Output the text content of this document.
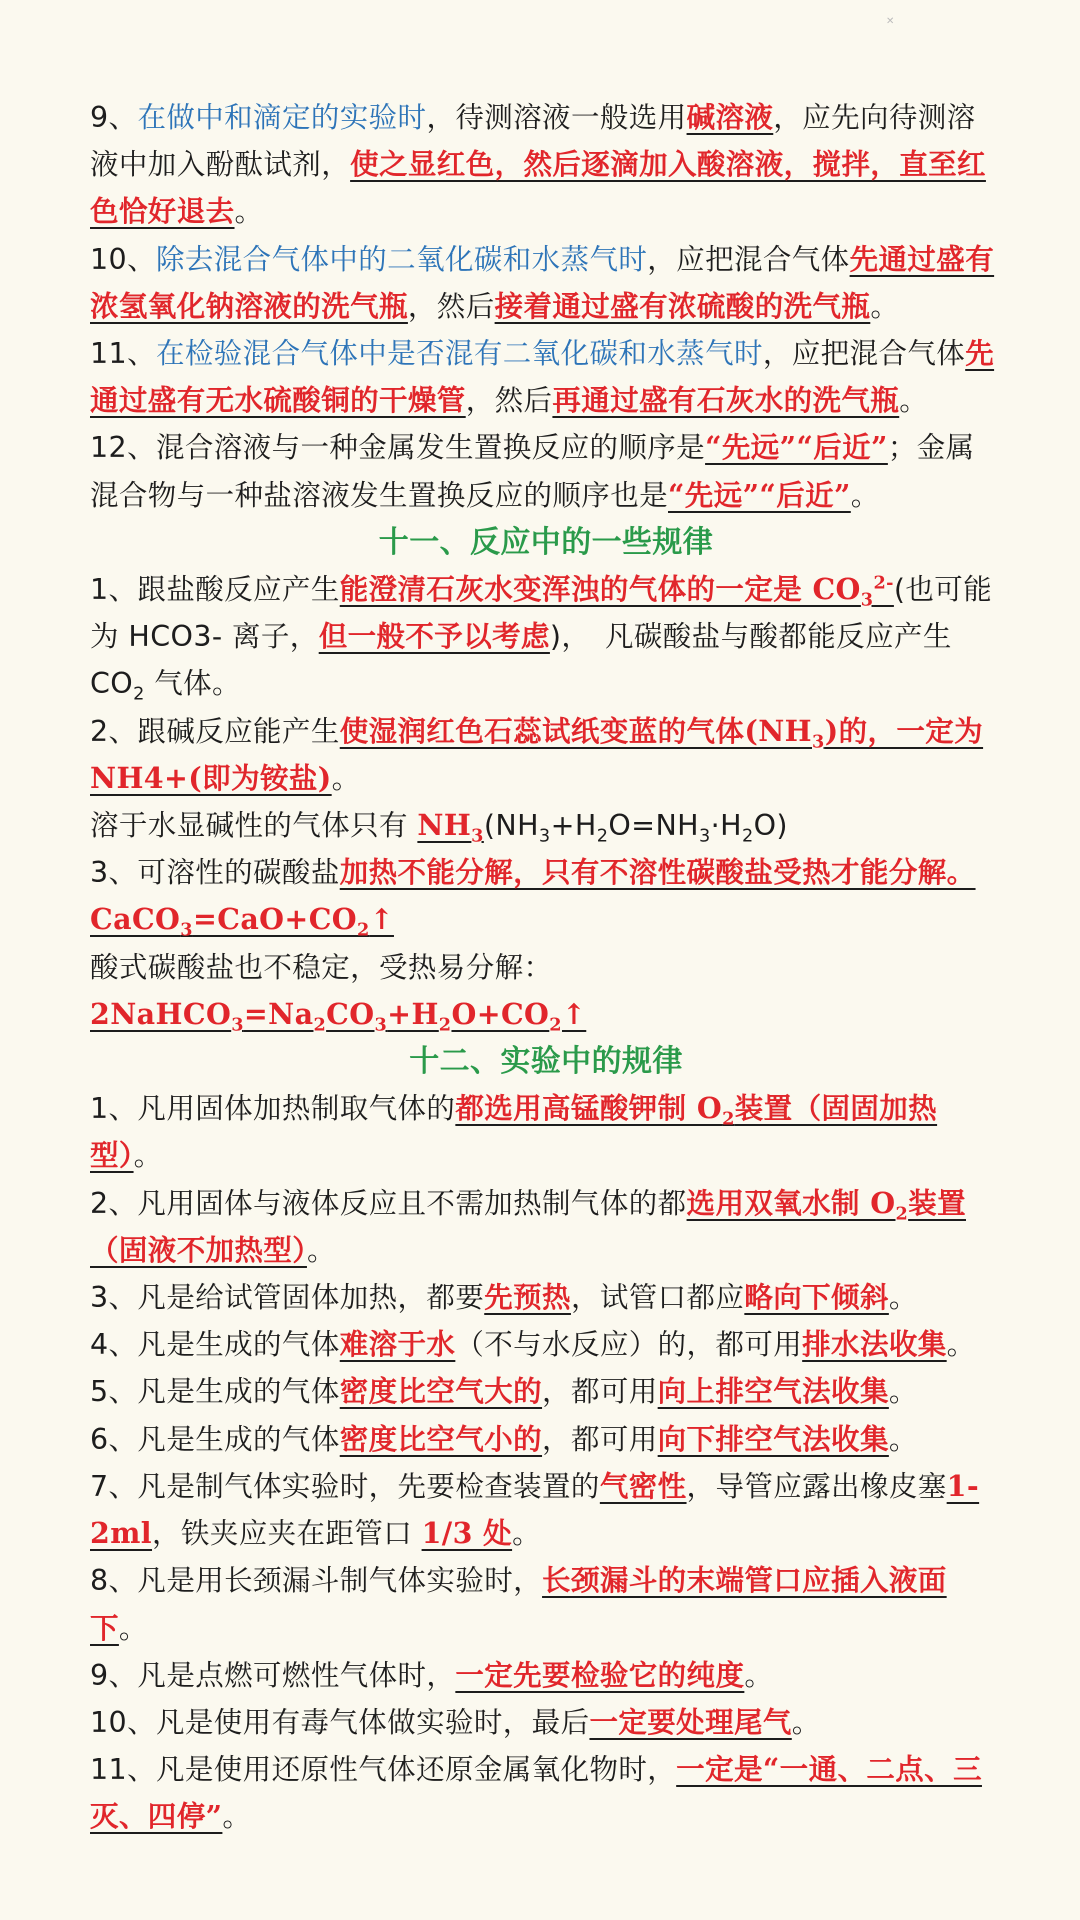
✕

9、在做中和滴定的实验时，待测溶液一般选用碱溶液，应先向待测溶液中加入酚酞试剂，使之显红色，然后逐滴加入酸溶液，搅拌，直至红色恰好退去。

10、除去混合气体中的二氧化碳和水蒸气时，应把混合气体先通过盛有浓氢氧化钠溶液的洗气瓶，然后接着通过盛有浓硫酸的洗气瓶。

11、在检验混合气体中是否混有二氧化碳和水蒸气时，应把混合气体先通过盛有无水硫酸铜的干燥管，然后再通过盛有石灰水的洗气瓶。

12、混合溶液与一种金属发生置换反应的顺序是“先远”“后近”；金属混合物与一种盐溶液发生置换反应的顺序也是“先远”“后近”。

十一、反应中的一些规律

1、跟盐酸反应产生能澄清石灰水变浑浊的气体的一定是 $CO_3^{2-}$(也可能为 HCO3- 离子，但一般不予以考虑)，　凡碳酸盐与酸都能反应产生 $CO_2$ 气体。

2、跟碱反应能产生使湿润红色石蕊试纸变蓝的气体$(NH_3)$的，一定为 NH4+(即为铵盐)。

溶于水显碱性的气体只有 $NH_3(NH_3+H_2O=NH_3\cdot H_2O)$

3、可溶性的碳酸盐加热不能分解，只有不溶性碳酸盐受热才能分解。$CaCO_3=CaO+CO_2↑$

酸式碳酸盐也不稳定，受热易分解：$2NaHCO_3=Na_2CO_3+H_2O+CO_2↑$

十二、实验中的规律

1、凡用固体加热制取气体的都选用高锰酸钾制 $O_2$装置（固固加热型）。

2、凡用固体与液体反应且不需加热制气体的都选用双氧水制 $O_2$装置（固液不加热型）。

3、凡是给试管固体加热，都要先预热，试管口都应略向下倾斜。

4、凡是生成的气体难溶于水（不与水反应）的，都可用排水法收集。

5、凡是生成的气体密度比空气大的，都可用向上排空气法收集。

6、凡是生成的气体密度比空气小的，都可用向下排空气法收集。

7、凡是制气体实验时，先要检查装置的气密性，导管应露出橡皮塞1-2ml，铁夹应夹在距管口 1/3 处。

8、凡是用长颈漏斗制气体实验时，长颈漏斗的末端管口应插入液面下。

9、凡是点燃可燃性气体时，一定先要检验它的纯度。

10、凡是使用有毒气体做实验时，最后一定要处理尾气。

11、凡是使用还原性气体还原金属氧化物时，一定是“一通、二点、三灭、四停”。
